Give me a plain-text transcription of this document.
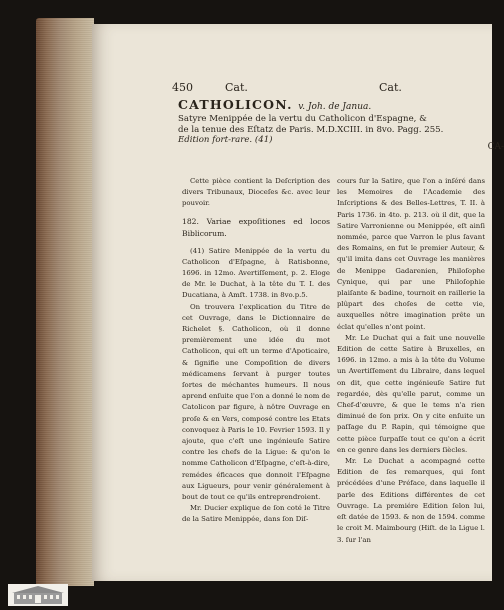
450	Cat.	Cat.
CATHOLICON. v. Joh. de Janua.
Satyre Menippée de la vertu du Catholicon d'Espagne, &
de la tenue des Eſtatz de Paris. M.D.XCIII. in 8vo. Pagg. 255.
Edition fort-rare. (41)
CA-

Cette pièce contient la Deſcription des divers Tribunaux, Dioceſes &c. avec leur pouvoir.

182. Variae expoſitiones ed locos Biblicorum.

(41) Satire Menippée de la vertu du Catholicon d'Eſpagne, à Ratisbonne, 1696. in 12mo. Avertiſſement, p. 2. Eloge de Mr. le Duchat, à la tête du T. I. des Ducatiana, à Amſt. 1738. in 8vo.p.5.

On trouvera l'explication du Titre de cet Ouvrage, dans le Dictionnaire de Richelet §. Catholicon, où il donne premièrement une idée du mot Catholicon, qui eſt un terme d'Apoticaire, & ſignifie une Compoſition de divers médicamens ſervant à purger toutes ſortes de méchantes humeurs. Il nous aprend enſuite que l'on a donné le nom de Catolicon par figure, à nôtre Ouvrage en proſe & en Vers, composé contre les Etats convoquez à Paris le 10. Fevrier 1593. Il y ajoute, que c'eſt une ingénieuſe Satire contre les chefs de la Ligue: & qu'on le nomme Catholicon d'Eſpagne, c'eſt-à-dire, remédes éficaces que donnoit l'Eſpagne aux Ligueurs, pour venir généralement à bout de tout ce qu'ils entreprendroient.

Mr. Ducier explique de ſon coté le Titre de la Satire Menippée, dans ſon Diſ-

cours ſur la Satire, que l'on a inſéré dans les Memoires de l'Academie des Inſcriptions & des Belles-Lettres, T. II. à Paris 1736. in 4to. p. 213. où il dit, que la Satire Varronienne ou Menippée, eſt ainſi nommée, parce que Varron le plus ſavant des Romains, en fut le premier Auteur, & qu'il imita dans cet Ouvrage les manières de Menippe Gadarenien, Philoſophe Cynique, qui par une Philoſophie plaiſante & badine, tournoit en raillerie la plûpart des choſes de cette vie, auxquelles nôtre imagination prête un éclat qu'elles n'ont point.

Mr. Le Duchat qui a fait une nouvelle Edition de cette Satire à Bruxelles, en 1696. in 12mo. a mis à la tête du Volume un Avertiſſement du Libraire, dans lequel on dit, que cette ingénieuſe Satire fut regardée, dès qu'elle parut, comme un Chef-d'œuvre, & que le tems n'a rien diminué de ſon prix. On y cite enſuite un paſſage du P. Rapin, qui témoigne que cette pièce ſurpaſſe tout ce qu'on a écrit en ce genre dans les derniers ſiècles.

Mr. Le Duchat a acompagné cette Edition de ſes remarques, qui ſont précédées d'une Préface, dans laquelle il parle des Editions différentes de cet Ouvrage. La premiére Edition ſelon lui, eſt datée de 1593. & non de 1594. comme le croit M. Maimbourg (Hiſt. de la Ligue l. 3. ſur l'an
